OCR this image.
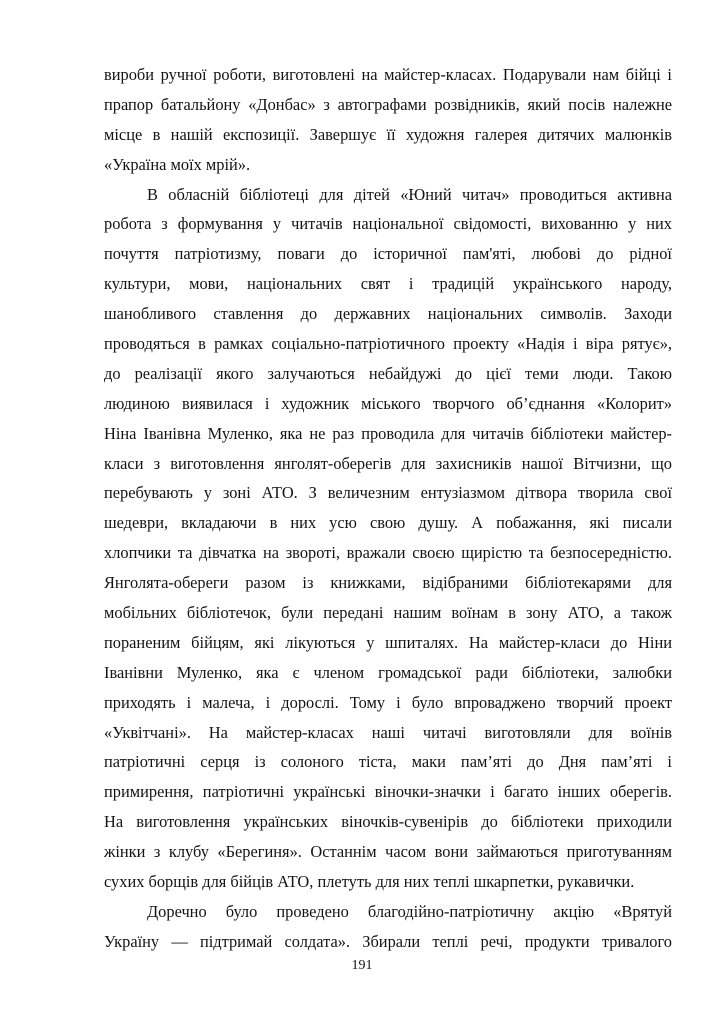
вироби ручної роботи, виготовлені на майстер-класах. Подарували нам бійці і
прапор батальйону «Донбас» з автографами розвідників, який посів належне
місце в нашій експозиції. Завершує її художня галерея дитячих малюнків
«Україна моїх мрій».
В обласній бібліотеці для дітей «Юний читач» проводиться активна
робота з формування у читачів національної свідомості, вихованню у них
почуття патріотизму, поваги до історичної пам'яті, любові до рідної
культури, мови, національних свят і традицій українського народу,
шанобливого ставлення до державних національних символів. Заходи
проводяться в рамках соціально-патріотичного проекту «Надія і віра рятує»,
до реалізації якого залучаються небайдужі до цієї теми люди. Такою
людиною виявилася і художник міського творчого об’єднання «Колорит»
Ніна Іванівна Муленко, яка не раз проводила для читачів бібліотеки майстер-
класи з виготовлення янголят-оберегів для захисників нашої Вітчизни, що
перебувають у зоні АТО. З величезним ентузіазмом дітвора творила свої
шедеври, вкладаючи в них усю свою душу. А побажання, які писали
хлопчики та дівчатка на звороті, вражали своєю щирістю та безпосередністю.
Янголята-обереги разом із книжками, відібраними бібліотекарями для
мобільних бібліотечок, були передані нашим воїнам в зону АТО, а також
пораненим бійцям, які лікуються у шпиталях. На майстер-класи до Ніни
Іванівни Муленко, яка є членом громадської ради бібліотеки, залюбки
приходять і малеча, і дорослі. Тому і було впроваджено творчий проект
«Уквітчані». На майстер-класах наші читачі виготовляли для воїнів
патріотичні серця із солоного тіста, маки пам’яті до Дня пам’яті і
примирення, патріотичні українські віночки-значки і багато інших оберегів.
На виготовлення українських віночків-сувенірів до бібліотеки приходили
жінки з клубу «Берегиня». Останнім часом вони займаються приготуванням
сухих борщів для бійців АТО, плетуть для них теплі шкарпетки, рукавички.
Доречно було проведено благодійно-патріотичну акцію «Врятуй
Україну — підтримай солдата». Збирали теплі речі, продукти тривалого
191
